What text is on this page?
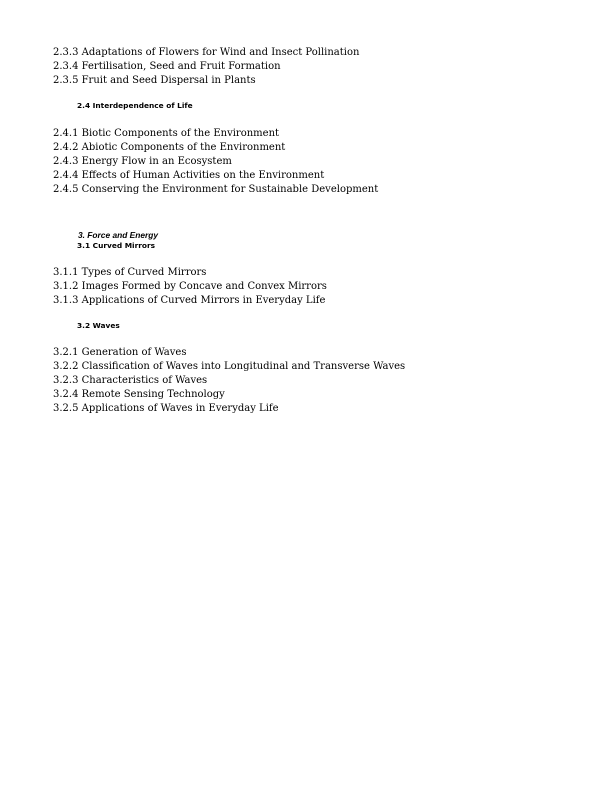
2.3.3 Adaptations of Flowers for Wind and Insect Pollination
2.3.4 Fertilisation, Seed and Fruit Formation
2.3.5 Fruit and Seed Dispersal in Plants
2.4 Interdependence of Life
2.4.1 Biotic Components of the Environment
2.4.2 Abiotic Components of the Environment
2.4.3 Energy Flow in an Ecosystem
2.4.4 Effects of Human Activities on the Environment
2.4.5 Conserving the Environment for Sustainable Development
3. Force and Energy
3.1 Curved Mirrors
3.1.1 Types of Curved Mirrors
3.1.2 Images Formed by Concave and Convex Mirrors
3.1.3 Applications of Curved Mirrors in Everyday Life
3.2 Waves
3.2.1 Generation of Waves
3.2.2 Classification of Waves into Longitudinal and Transverse Waves
3.2.3 Characteristics of Waves
3.2.4 Remote Sensing Technology
3.2.5 Applications of Waves in Everyday Life
